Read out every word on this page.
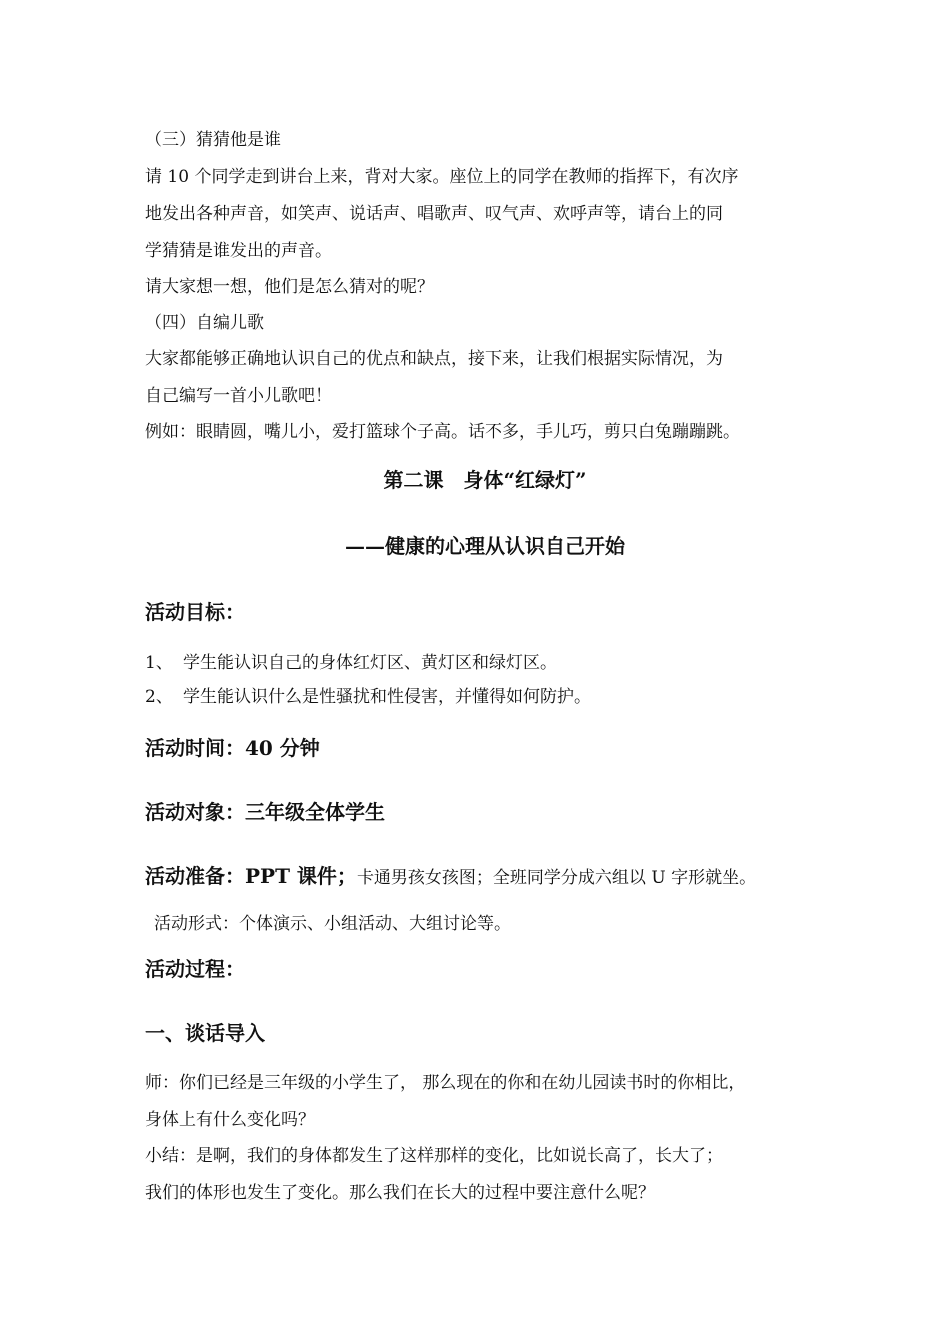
（三）猜猜他是谁

请 10 个同学走到讲台上来，背对大家。座位上的同学在教师的指挥下，有次序

地发出各种声音，如笑声、说话声、唱歌声、叹气声、欢呼声等，请台上的同

学猜猜是谁发出的声音。

请大家想一想，他们是怎么猜对的呢？

（四）自编儿歌

大家都能够正确地认识自己的优点和缺点，接下来，让我们根据实际情况，为

自己编写一首小儿歌吧！

例如：眼睛圆，嘴儿小，爱打篮球个子高。话不多，手儿巧，剪只白兔蹦蹦跳。

第二课　身体“红绿灯”

——健康的心理从认识自己开始

活动目标：

1、 学生能认识自己的身体红灯区、黄灯区和绿灯区。

2、 学生能认识什么是性骚扰和性侵害，并懂得如何防护。

活动时间：40 分钟

活动对象：三年级全体学生

活动准备：PPT 课件；卡通男孩女孩图；全班同学分成六组以 U 字形就坐。

活动形式：个体演示、小组活动、大组讨论等。

活动过程：

一、谈话导入

师：你们已经是三年级的小学生了， 那么现在的你和在幼儿园读书时的你相比，

身体上有什么变化吗？

小结：是啊，我们的身体都发生了这样那样的变化，比如说长高了，长大了；

我们的体形也发生了变化。那么我们在长大的过程中要注意什么呢？
